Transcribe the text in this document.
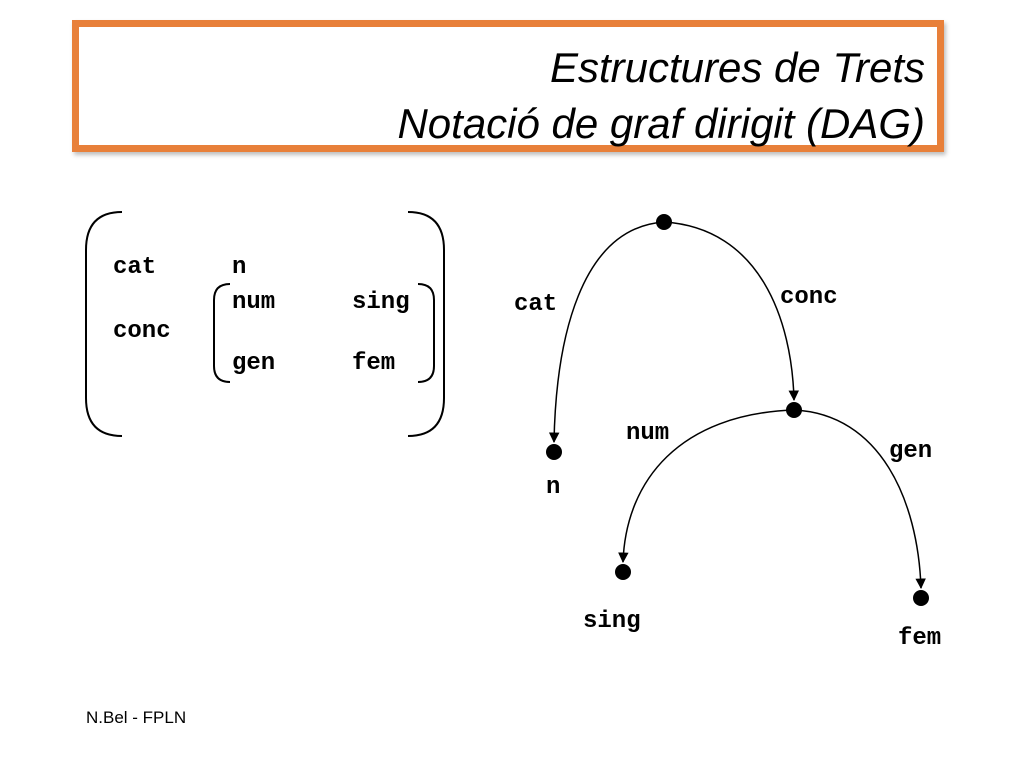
Estructures de Trets
Notació de graf dirigit (DAG)
cat	n
conc
num	sing
gen	fem
cat	conc
num
gen
n
sing
fem
N.Bel - FPLN
